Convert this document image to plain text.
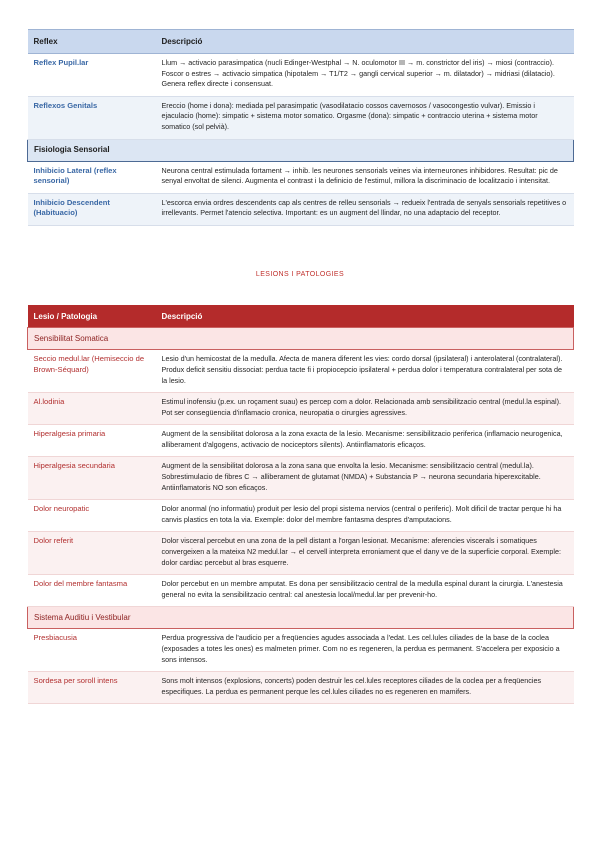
Reflex	Descripció
Reflex Pupil.lar	Llum → activacio parasimpatica (nucli Edinger-Westphal → N. oculomotor III → m. constrictor del iris) → miosi (contraccio). Foscor o estres → activacio simpatica (hipotalem → T1/T2 → gangli cervical superior → m. dilatador) → midriasi (dilatacio). Genera reflex directe i consensuat.
Reflexos Genitals	Ereccio (home i dona): mediada pel parasimpatic (vasodilatacio cossos cavernosos / vasocongestio vulvar). Emissio i ejaculacio (home): simpatic + sistema motor somatico. Orgasme (dona): simpatic + contraccio uterina + sistema motor somatico (sol pelvià).
Fisiologia Sensorial	
Inhibicio Lateral (reflex sensorial)	Neurona central estimulada fortament → inhib. les neurones sensorials veines via interneurones inhibidores. Resultat: pic de senyal envoltat de silenci. Augmenta el contrast i la definicio de l'estimul, millora la discriminacio de localitzacio i intensitat.
Inhibicio Descendent (Habituacio)	L'escorca envia ordres descendents cap als centres de relleu sensorials → redueix l'entrada de senyals sensorials repetitives o irrellevants. Permet l'atencio selectiva. Important: es un augment del llindar, no una adaptacio del receptor.
LESIONS I PATOLOGIES
Lesio / Patologia	Descripció
Sensibilitat Somatica	
Seccio medul.lar (Hemiseccio de Brown-Séquard)	Lesio d'un hemicostat de la medulla. Afecta de manera diferent les vies: cordo dorsal (ipsilateral) i anterolateral (contralateral). Produx deficit sensitiu dissociat: perdua tacte fi i propiocepcio ipsilateral + perdua dolor i temperatura contralateral per sota de la lesio.
Al.lodinia	Estimul inofensiu (p.ex. un roçament suau) es percep com a dolor. Relacionada amb sensibilitzacio central (medul.la espinal). Pot ser consegüencia d'inflamacio cronica, neuropatia o cirurgies agressives.
Hiperalgesia primaria	Augment de la sensibilitat dolorosa a la zona exacta de la lesio. Mecanisme: sensibilitzacio periferica (inflamacio neurogenica, alliberament d'algogens, activacio de nociceptors silents). Antiinflamatoris eficaços.
Hiperalgesia secundaria	Augment de la sensibilitat dolorosa a la zona sana que envolta la lesio. Mecanisme: sensibilitzacio central (medul.la). Sobrestimulacio de fibres C → alliberament de glutamat (NMDA) + Substancia P → neurona secundaria hiperexcitable. Antiinflamatoris NO son eficaços.
Dolor neuropatic	Dolor anormal (no informatiu) produit per lesio del propi sistema nervios (central o periferic). Molt dificil de tractar perque hi ha canvis plastics en tota la via. Exemple: dolor del membre fantasma despres d'amputacions.
Dolor referit	Dolor visceral percebut en una zona de la pell distant a l'organ lesionat. Mecanisme: aferencies viscerals i somatiques convergeixen a la mateixa N2 medul.lar → el cervell interpreta erroniament que el dany ve de la superficie corporal. Exemple: dolor cardiac percebut al bras esquerre.
Dolor del membre fantasma	Dolor percebut en un membre amputat. Es dona per sensibilitzacio central de la medulla espinal durant la cirurgia. L'anestesia general no evita la sensibilitzacio central: cal anestesia local/medul.lar per prevenir-ho.
Sistema Auditiu i Vestibular	
Presbiacusia	Perdua progressiva de l'audicio per a freqüencies agudes associada a l'edat. Les cel.lules ciliades de la base de la coclea (exposades a totes les ones) es malmeten primer. Com no es regeneren, la perdua es permanent. S'accelera per exposicio a sons intensos.
Sordesa per soroll intens	Sons molt intensos (explosions, concerts) poden destruir les cel.lules receptores ciliades de la coclea per a freqüencies especifiques. La perdua es permanent perque les cel.lules ciliades no es regeneren en mamifers.
